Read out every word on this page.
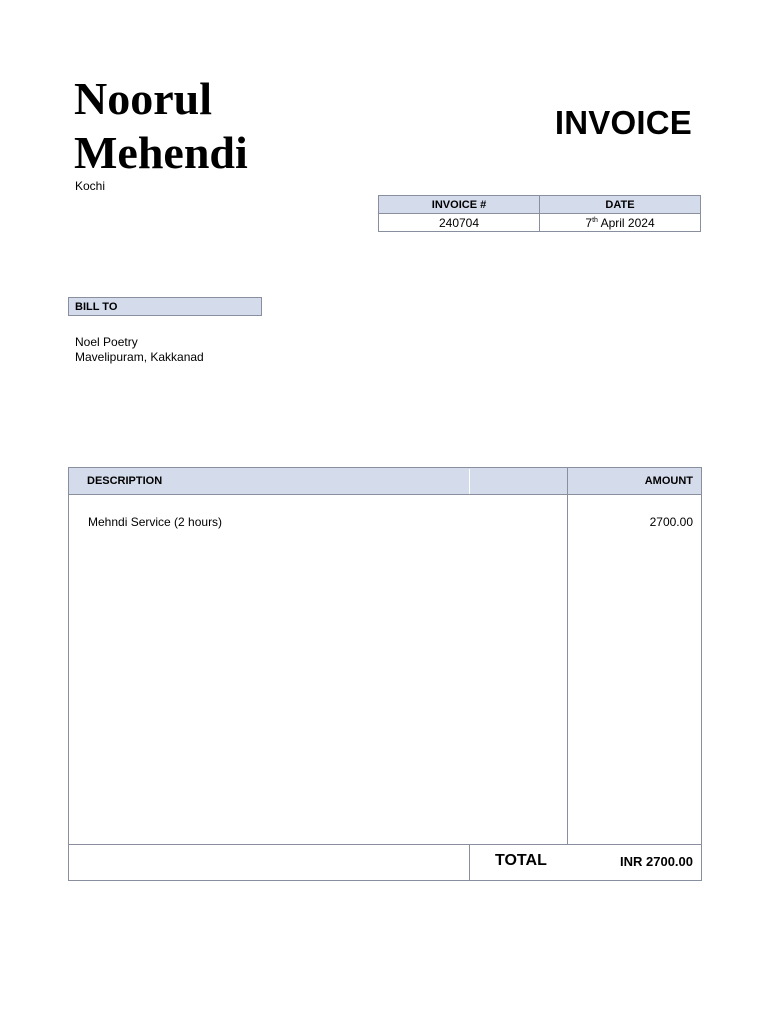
Noorul Mehendi
Kochi
INVOICE
INVOICE #	DATE
240704	7th April 2024
BILL TO
Noel Poetry
Mavelipuram, Kakkanad
DESCRIPTION	AMOUNT
Mehndi Service (2 hours)	2700.00
TOTAL	INR 2700.00
